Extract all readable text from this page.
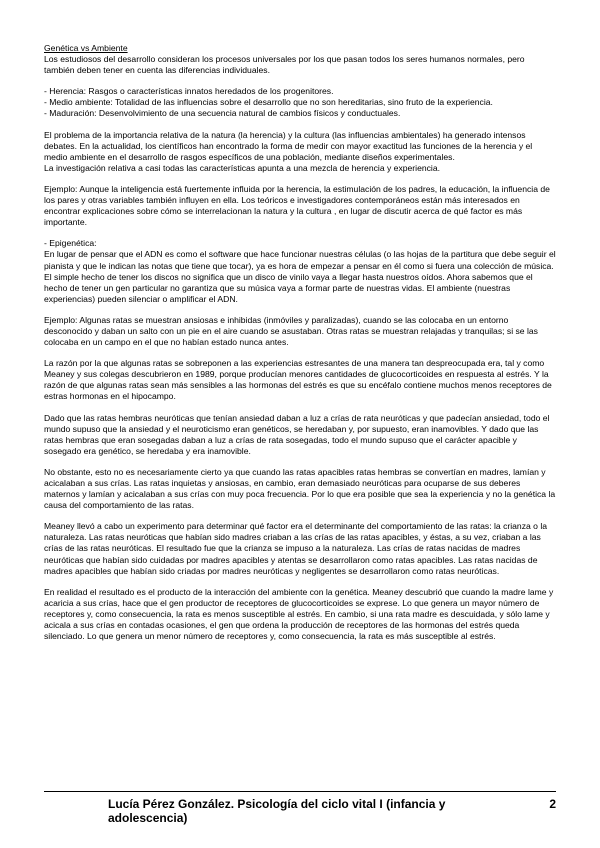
Genética vs Ambiente

Los estudiosos del desarrollo consideran los procesos universales por los que pasan todos los seres humanos normales, pero también deben tener en cuenta las diferencias individuales.

- Herencia: Rasgos o características innatos heredados de los progenitores.
- Medio ambiente: Totalidad de las influencias sobre el desarrollo que no son hereditarias, sino fruto de la experiencia.
- Maduración: Desenvolvimiento de una secuencia natural de cambios físicos y conductuales.
El problema de la importancia relativa de la natura (la herencia) y la cultura (las influencias ambientales) ha generado intensos debates. En la actualidad, los científicos han encontrado la forma de medir con mayor exactitud las funciones de la herencia y el medio ambiente en el desarrollo de rasgos específicos de una población, mediante diseños experimentales.
La investigación relativa a casi todas las características apunta a una mezcla de herencia y experiencia.

Ejemplo: Aunque la inteligencia está fuertemente influida por la herencia, la estimulación de los padres, la educación, la influencia de los pares y otras variables también influyen en ella. Los teóricos e investigadores contemporáneos están más interesados en encontrar explicaciones sobre cómo se interrelacionan la natura y la cultura , en lugar de discutir acerca de qué factor es más importante.

- Epigenética:
En lugar de pensar que el ADN es como el software que hace funcionar nuestras células (o las hojas de la partitura que debe seguir el pianista y que le indican las notas que tiene que tocar), ya es hora de empezar a pensar en él como si fuera una colección de música. El simple hecho de tener los discos no significa que un disco de vinilo vaya a llegar hasta nuestros oídos. Ahora sabemos que el hecho de tener un gen particular no garantiza que su música vaya a formar parte de nuestras vidas. El ambiente (nuestras experiencias) pueden silenciar o amplificar el ADN.

Ejemplo: Algunas ratas se muestran ansiosas e inhibidas (inmóviles y paralizadas), cuando se las colocaba en un entorno desconocido y daban un salto con un pie en el aire cuando se asustaban. Otras ratas se muestran relajadas y tranquilas; si se las colocaba en un campo en el que no habían estado nunca antes.

La razón por la que algunas ratas se sobreponen a las experiencias estresantes de una manera tan despreocupada era, tal y como Meaney y sus colegas descubrieron en 1989, porque producían menores cantidades de glucocorticoides en respuesta al estrés. Y la razón de que algunas ratas sean más sensibles a las hormonas del estrés es que su encéfalo contiene muchos menos receptores de estras hormonas en el hipocampo.

Dado que las ratas hembras neuróticas que tenían ansiedad daban a luz a crías de rata neuróticas y que padecían ansiedad, todo el mundo supuso que la ansiedad y el neuroticismo eran genéticos, se heredaban y, por supuesto, eran inamovibles. Y dado que las ratas hembras que eran sosegadas daban a luz a crías de rata sosegadas, todo el mundo supuso que el carácter apacible y sosegado era genético, se heredaba y era inamovible.

No obstante, esto no es necesariamente cierto ya que cuando las ratas apacibles ratas hembras se convertían en madres, lamían y acicalaban a sus crías. Las ratas inquietas y ansiosas, en cambio, eran demasiado neuróticas para ocuparse de sus deberes maternos y lamían y acicalaban a sus crías con muy poca frecuencia. Por lo que era posible que sea la experiencia y no la genética la causa del comportamiento de las ratas.

Meaney llevó a cabo un experimento para determinar qué factor era el determinante del comportamiento de las ratas: la crianza o la naturaleza. Las ratas neuróticas que habían sido madres criaban a las crías de las ratas apacibles, y éstas, a su vez, criaban a las crías de las ratas neuróticas. El resultado fue que la crianza se impuso a la naturaleza. Las crías de ratas nacidas de madres neuróticas que habían sido cuidadas por madres apacibles y atentas se desarrollaron como ratas apacibles. Las ratas nacidas de madres apacibles que habían sido criadas por madres neuróticas y negligentes se desarrollaron como ratas neuróticas.

En realidad el resultado es el producto de la interacción del ambiente con la genética. Meaney descubrió que cuando la madre lame y acaricia a sus crías, hace que el gen productor de receptores de glucocorticoides se exprese. Lo que genera un mayor número de receptores y, como consecuencia, la rata es menos susceptible al estrés. En cambio, si una rata madre es descuidada, y sólo lame y acicala a sus crías en contadas ocasiones, el gen que ordena la producción de receptores de las hormonas del estrés queda silenciado. Lo que genera un menor número de receptores y, como consecuencia, la rata es más susceptible al estrés.

Lucía Pérez González. Psicología del ciclo vital I (infancia y adolescencia)
2
